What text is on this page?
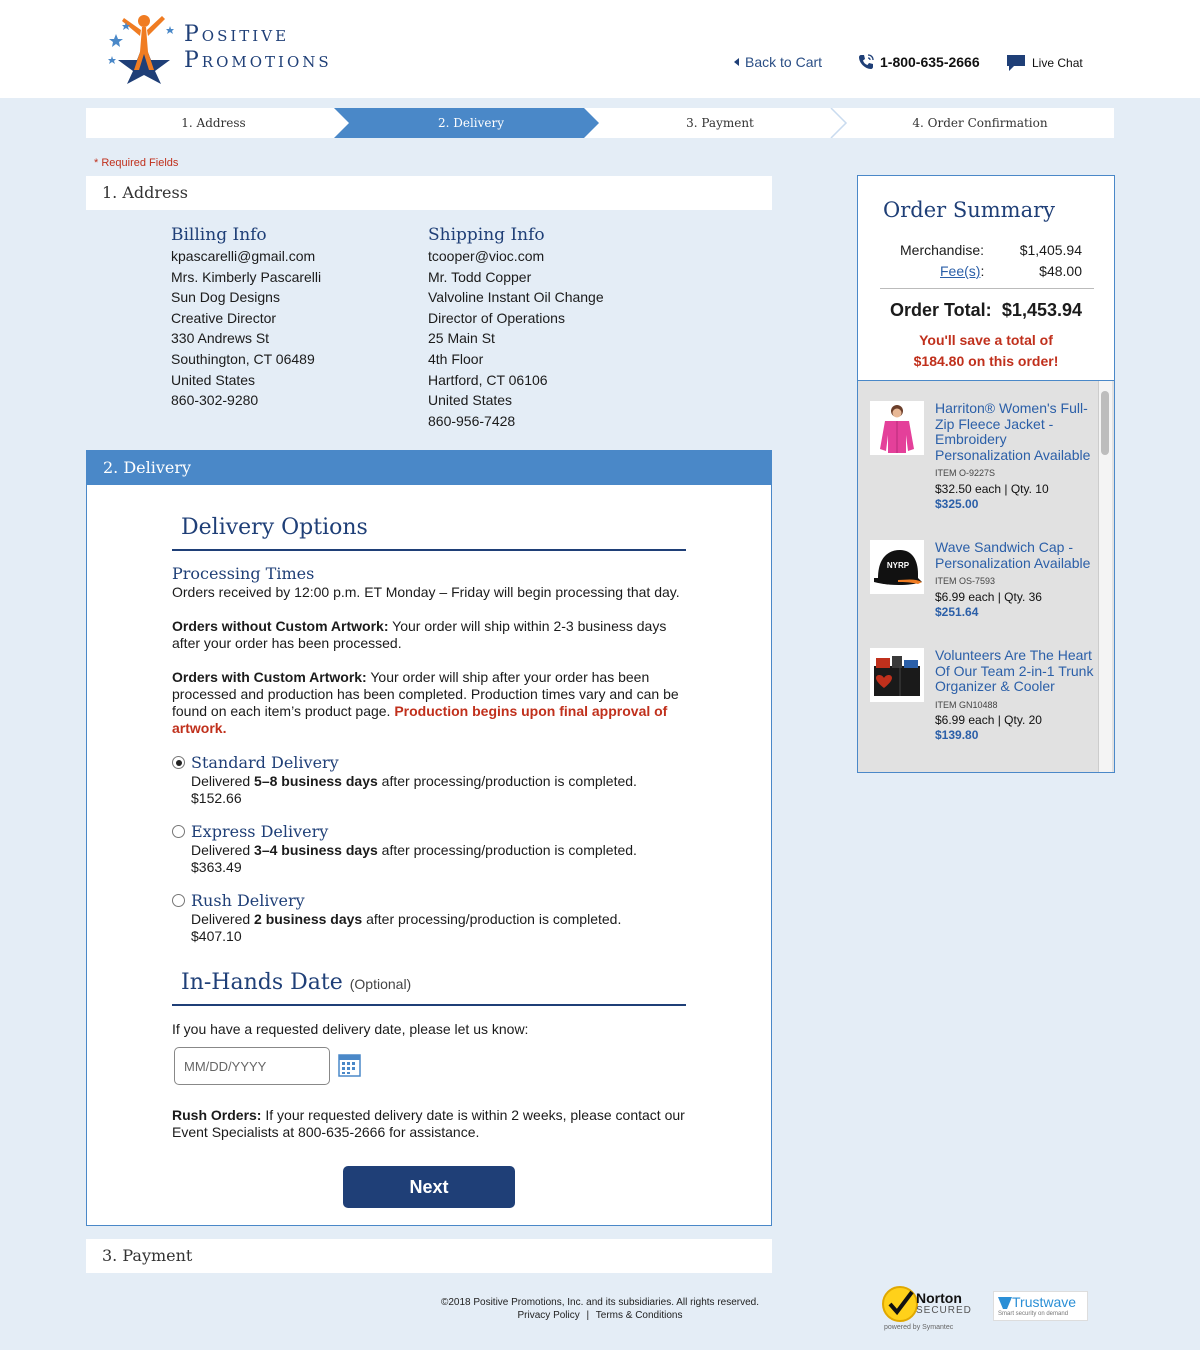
Positive
Promotions	Back to Cart	1-800-635-2666	Live Chat
1. Address	2. Delivery	3. Payment	4. Order Confirmation
* Required Fields
1. Address
Billing Info
kpascarelli@gmail.com
Mrs. Kimberly Pascarelli
Sun Dog Designs
Creative Director
330 Andrews St
Southington, CT 06489
United States
860-302-9280
Shipping Info
tcooper@vioc.com
Mr. Todd Copper
Valvoline Instant Oil Change
Director of Operations
25 Main St
4th Floor
Hartford, CT 06106
United States
860-956-7428
2. Delivery
Delivery Options
Processing Times
Orders received by 12:00 p.m. ET Monday – Friday will begin processing that day.
Orders without Custom Artwork: Your order will ship within 2-3 business days after your order has been processed.
Orders with Custom Artwork: Your order will ship after your order has been processed and production has been completed. Production times vary and can be found on each item’s product page. Production begins upon final approval of artwork.
Standard Delivery
Delivered 5–8 business days after processing/production is completed.
$152.66
Express Delivery
Delivered 3–4 business days after processing/production is completed.
$363.49
Rush Delivery
Delivered 2 business days after processing/production is completed.
$407.10
In-Hands Date (Optional)
If you have a requested delivery date, please let us know:
MM/DD/YYYY
Rush Orders: If your requested delivery date is within 2 weeks, please contact our Event Specialists at 800-635-2666 for assistance.
Next
3. Payment
Order Summary
Merchandise:	$1,405.94
Fee(s):	$48.00
Order Total: $1,453.94
You'll save a total of
$184.80 on this order!
Harriton® Women's Full-Zip Fleece Jacket - Embroidery Personalization Available
ITEM O-9227S
$32.50 each | Qty. 10
$325.00
NYRP
Wave Sandwich Cap - Personalization Available
ITEM OS-7593
$6.99 each | Qty. 36
$251.64
Volunteers Are The Heart Of Our Team 2-in-1 Trunk Organizer & Cooler
ITEM GN10488
$6.99 each | Qty. 20
$139.80
©2018 Positive Promotions, Inc. and its subsidiaries. All rights reserved.
Privacy Policy | Terms & Conditions
Norton
SECURED
powered by Symantec
Trustwave
Smart security on demand
